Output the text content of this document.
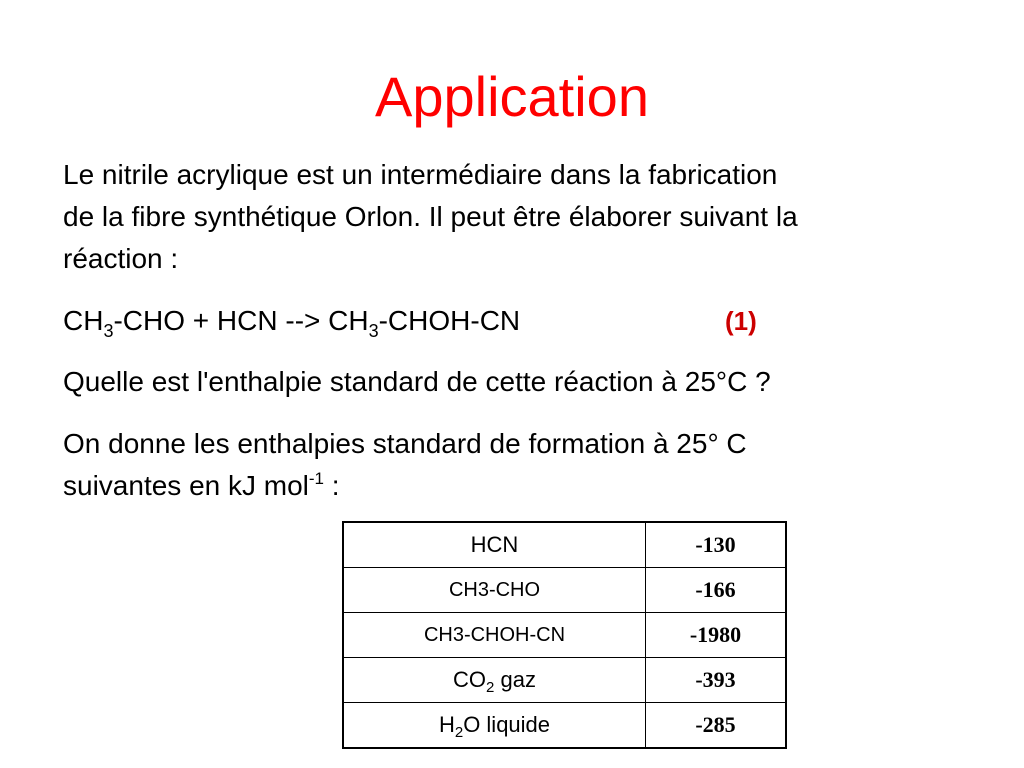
Application
Le nitrile acrylique est un intermédiaire dans la fabrication
de la fibre synthétique Orlon. Il peut être élaborer suivant la
réaction :
$CH_3$-CHO + HCN --> $CH_3-CHOH-CN$	(1)
Quelle est l'enthalpie standard de cette réaction à 25°C ?
On donne les enthalpies standard de formation à 25° C
suivantes en kJ mol$^{-1}$ :
HCN	-130
CH3-CHO	-166
CH3-CHOH-CN	-1980
$CO_2$ gaz	-393
$H_2O$ liquide	-285
